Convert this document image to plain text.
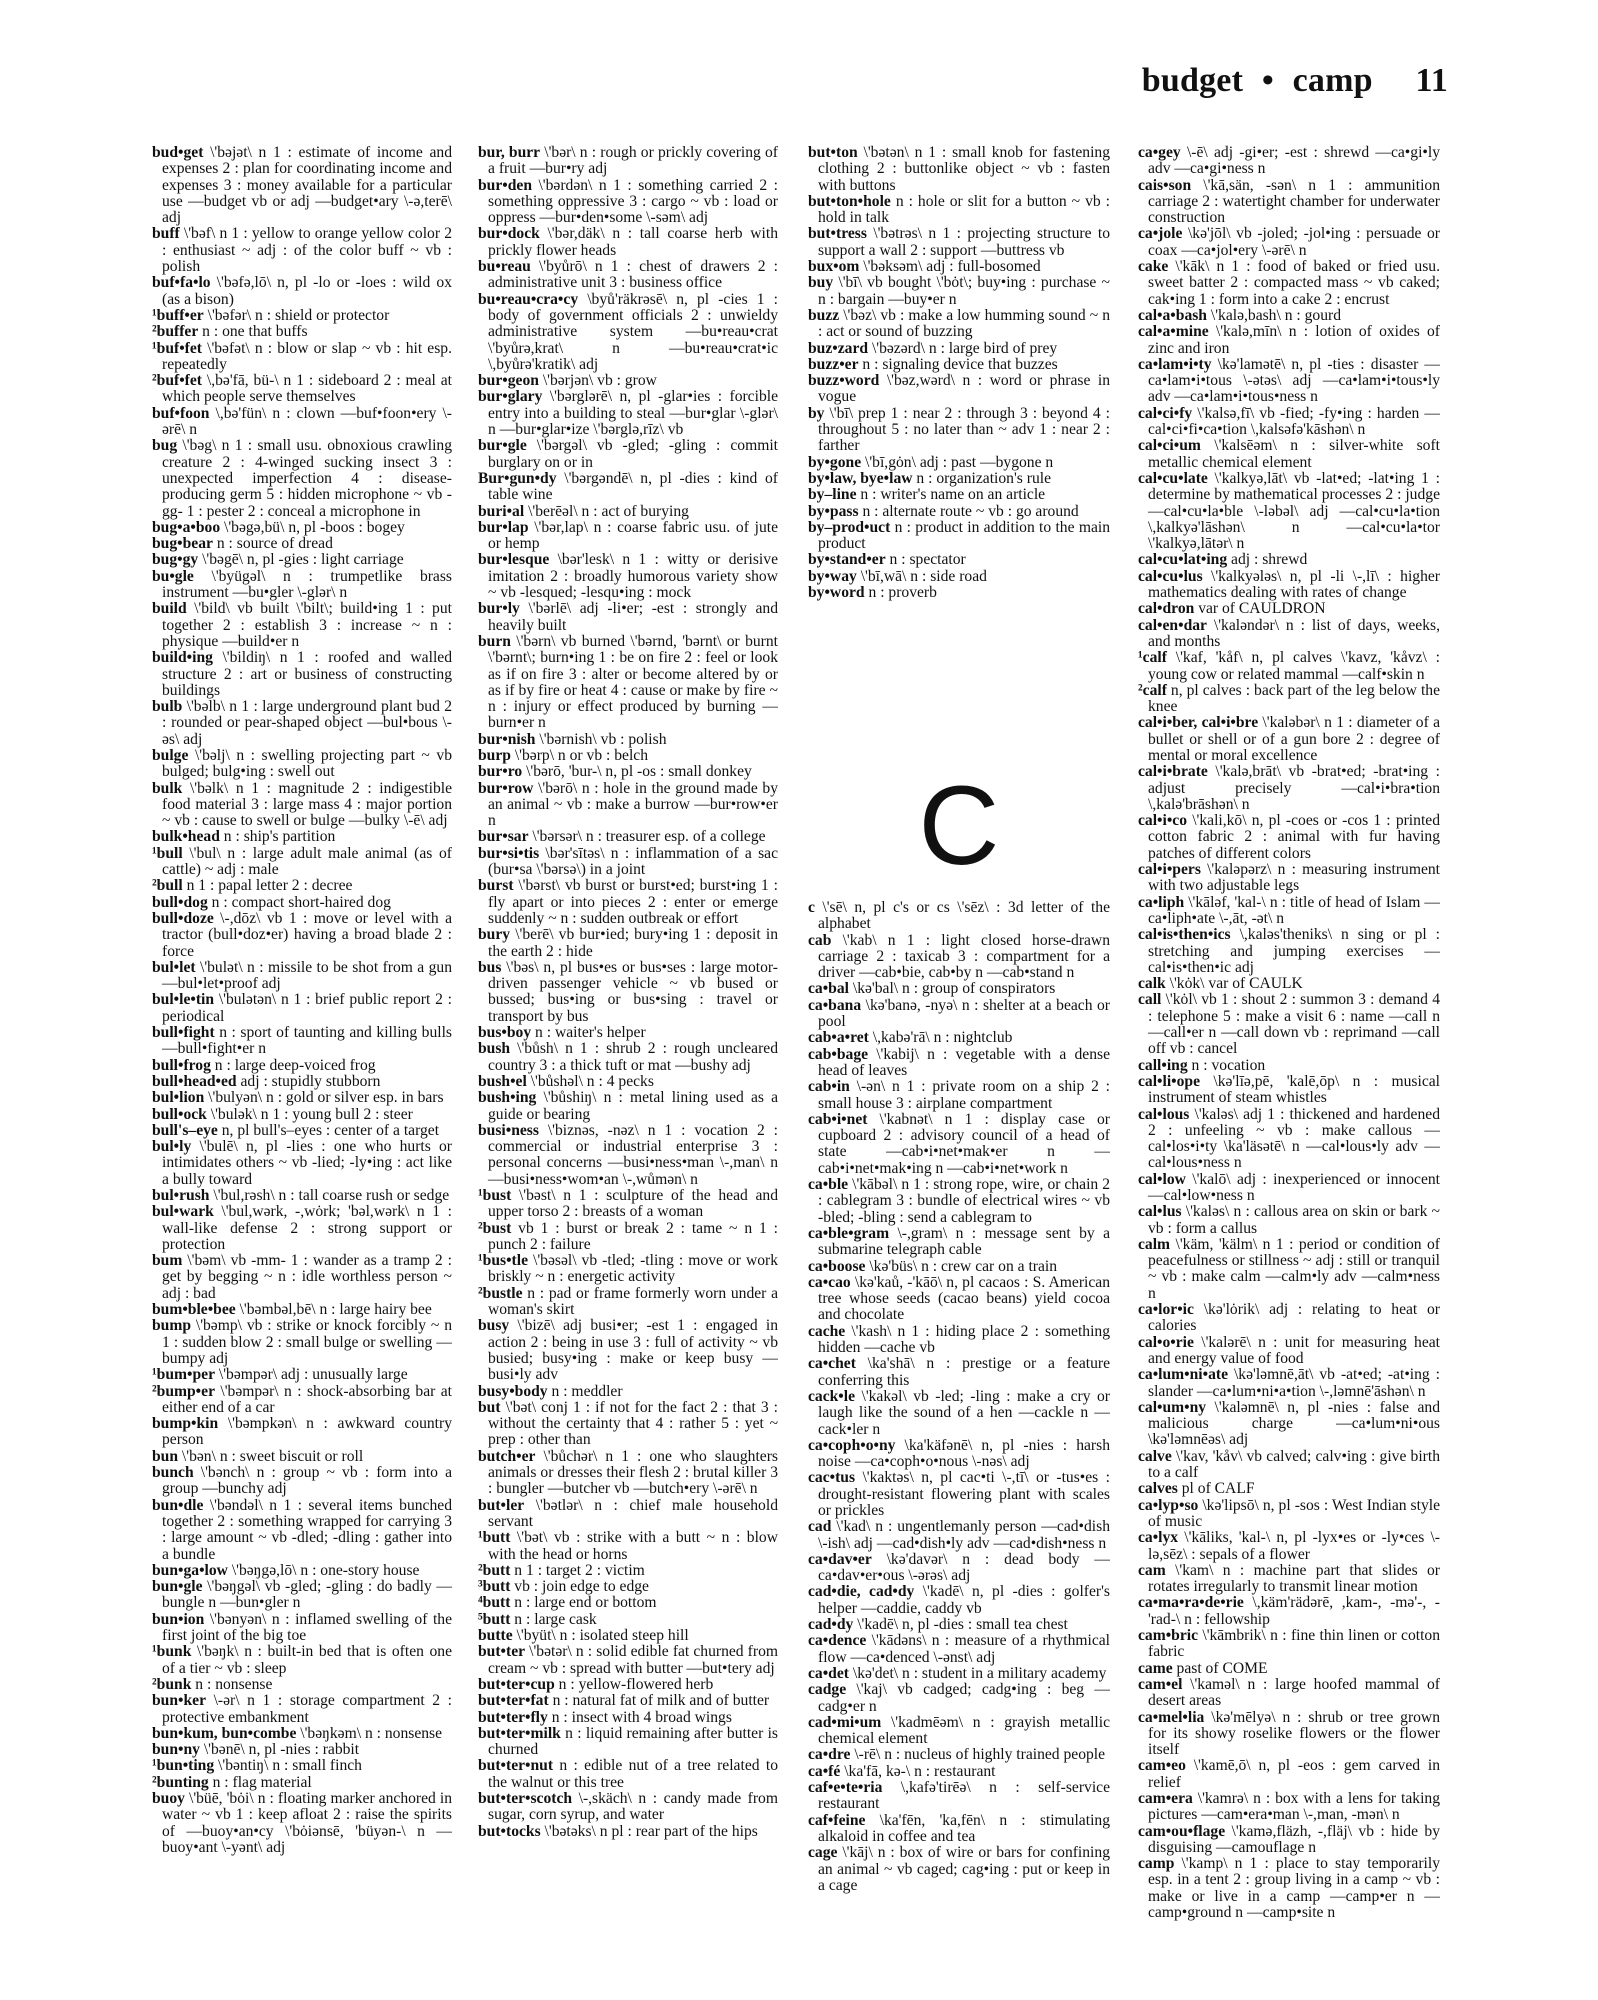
budget • camp 11

bud•get \'bəjət\ n 1 : estimate of income and expenses 2 : plan for coordinating income and expenses 3 : money available for a particular use —budget vb or adj —budget•ary \-ə,terē\ adj

buff \'bəf\ n 1 : yellow to orange yellow color 2 : enthusiast ~ adj : of the color buff ~ vb : polish

buf•fa•lo \'bəfə,lō\ n, pl -lo or -loes : wild ox (as a bison)

¹buff•er \'bəfər\ n : shield or protector

²buffer n : one that buffs

¹buf•fet \'bəfət\ n : blow or slap ~ vb : hit esp. repeatedly

²buf•fet \,bə'fā, bü-\ n 1 : sideboard 2 : meal at which people serve themselves

buf•foon \,bə'fün\ n : clown —buf•foon•ery \-ərē\ n

bug \'bəg\ n 1 : small usu. obnoxious crawling creature 2 : 4-winged sucking insect 3 : unexpected imperfection 4 : disease-producing germ 5 : hidden microphone ~ vb -gg- 1 : pester 2 : conceal a microphone in

bug•a•boo \'bəgə,bü\ n, pl -boos : bogey

bug•bear n : source of dread

bug•gy \'bəgē\ n, pl -gies : light carriage

bu•gle \'byügəl\ n : trumpetlike brass instrument —bu•gler \-glər\ n

build \'bild\ vb built \'bilt\; build•ing 1 : put together 2 : establish 3 : increase ~ n : physique —build•er n

build•ing \'bildiŋ\ n 1 : roofed and walled structure 2 : art or business of constructing buildings

bulb \'bəlb\ n 1 : large underground plant bud 2 : rounded or pear-shaped object —bul•bous \-əs\ adj

bulge \'bəlj\ n : swelling projecting part ~ vb bulged; bulg•ing : swell out

bulk \'bəlk\ n 1 : magnitude 2 : indigestible food material 3 : large mass 4 : major portion ~ vb : cause to swell or bulge —bulky \-ē\ adj

bulk•head n : ship's partition

¹bull \'bul\ n : large adult male animal (as of cattle) ~ adj : male

²bull n 1 : papal letter 2 : decree

bull•dog n : compact short-haired dog

bull•doze \-,dōz\ vb 1 : move or level with a tractor (bull•doz•er) having a broad blade 2 : force

bul•let \'bulət\ n : missile to be shot from a gun —bul•let•proof adj

bul•le•tin \'bulətən\ n 1 : brief public report 2 : periodical

bull•fight n : sport of taunting and killing bulls —bull•fight•er n

bull•frog n : large deep-voiced frog

bull•head•ed adj : stupidly stubborn

bul•lion \'bulyən\ n : gold or silver esp. in bars

bull•ock \'bulək\ n 1 : young bull 2 : steer

bull's–eye n, pl bull's–eyes : center of a target

bul•ly \'bulē\ n, pl -lies : one who hurts or intimidates others ~ vb -lied; -ly•ing : act like a bully toward

bul•rush \'bul,rəsh\ n : tall coarse rush or sedge

bul•wark \'bul,wərk, -,wȯrk; 'bəl,wərk\ n 1 : wall-like defense 2 : strong support or protection

bum \'bəm\ vb -mm- 1 : wander as a tramp 2 : get by begging ~ n : idle worthless person ~ adj : bad

bum•ble•bee \'bəmbəl,bē\ n : large hairy bee

bump \'bəmp\ vb : strike or knock forcibly ~ n 1 : sudden blow 2 : small bulge or swelling —bumpy adj

¹bum•per \'bəmpər\ adj : unusually large

²bump•er \'bəmpər\ n : shock-absorbing bar at either end of a car

bump•kin \'bəmpkən\ n : awkward country person

bun \'bən\ n : sweet biscuit or roll

bunch \'bənch\ n : group ~ vb : form into a group —bunchy adj

bun•dle \'bəndəl\ n 1 : several items bunched together 2 : something wrapped for carrying 3 : large amount ~ vb -dled; -dling : gather into a bundle

bun•ga•low \'bəŋgə,lō\ n : one-story house

bun•gle \'bəŋgəl\ vb -gled; -gling : do badly —bungle n —bun•gler n

bun•ion \'bənyən\ n : inflamed swelling of the first joint of the big toe

¹bunk \'bəŋk\ n : built-in bed that is often one of a tier ~ vb : sleep

²bunk n : nonsense

bun•ker \-ər\ n 1 : storage compartment 2 : protective embankment

bun•kum, bun•combe \'bəŋkəm\ n : nonsense

bun•ny \'bənē\ n, pl -nies : rabbit

¹bun•ting \'bəntiŋ\ n : small finch

²bunting n : flag material

buoy \'büē, 'bȯi\ n : floating marker anchored in water ~ vb 1 : keep afloat 2 : raise the spirits of —buoy•an•cy \'bȯiənsē, 'büyən-\ n —buoy•ant \-yənt\ adj

bur, burr \'bər\ n : rough or prickly covering of a fruit —bur•ry adj

bur•den \'bərdən\ n 1 : something carried 2 : something oppressive 3 : cargo ~ vb : load or oppress —bur•den•some \-səm\ adj

bur•dock \'bər,däk\ n : tall coarse herb with prickly flower heads

bu•reau \'byůrō\ n 1 : chest of drawers 2 : administrative unit 3 : business office

bu•reau•cra•cy \byů'räkrəsē\ n, pl -cies 1 : body of government officials 2 : unwieldy administrative system —bu•reau•crat \'byůrə,krat\ n —bu•reau•crat•ic \,byůrə'kratik\ adj

bur•geon \'bərjən\ vb : grow

bur•glary \'bərglərē\ n, pl -glar•ies : forcible entry into a building to steal —bur•glar \-glər\ n —bur•glar•ize \'bərglə,rīz\ vb

bur•gle \'bərgəl\ vb -gled; -gling : commit burglary on or in

Bur•gun•dy \'bərgəndē\ n, pl -dies : kind of table wine

buri•al \'berēəl\ n : act of burying

bur•lap \'bər,lap\ n : coarse fabric usu. of jute or hemp

bur•lesque \bər'lesk\ n 1 : witty or derisive imitation 2 : broadly humorous variety show ~ vb -lesqued; -lesqu•ing : mock

bur•ly \'bərlē\ adj -li•er; -est : strongly and heavily built

burn \'bərn\ vb burned \'bərnd, 'bərnt\ or burnt \'bərnt\; burn•ing 1 : be on fire 2 : feel or look as if on fire 3 : alter or become altered by or as if by fire or heat 4 : cause or make by fire ~ n : injury or effect produced by burning —burn•er n

bur•nish \'bərnish\ vb : polish

burp \'bərp\ n or vb : belch

bur•ro \'bərō, 'bur-\ n, pl -os : small donkey

bur•row \'bərō\ n : hole in the ground made by an animal ~ vb : make a burrow —bur•row•er n

bur•sar \'bərsər\ n : treasurer esp. of a college

bur•si•tis \bər'sītəs\ n : inflammation of a sac (bur•sa \'bərsə\) in a joint

burst \'bərst\ vb burst or burst•ed; burst•ing 1 : fly apart or into pieces 2 : enter or emerge suddenly ~ n : sudden outbreak or effort

bury \'berē\ vb bur•ied; bury•ing 1 : deposit in the earth 2 : hide

bus \'bəs\ n, pl bus•es or bus•ses : large motor-driven passenger vehicle ~ vb bused or bussed; bus•ing or bus•sing : travel or transport by bus

bus•boy n : waiter's helper

bush \'bůsh\ n 1 : shrub 2 : rough uncleared country 3 : a thick tuft or mat —bushy adj

bush•el \'bůshəl\ n : 4 pecks

bush•ing \'bůshiŋ\ n : metal lining used as a guide or bearing

busi•ness \'biznəs, -nəz\ n 1 : vocation 2 : commercial or industrial enterprise 3 : personal concerns —busi•ness•man \-,man\ n —busi•ness•wom•an \-,wůmən\ n

¹bust \'bəst\ n 1 : sculpture of the head and upper torso 2 : breasts of a woman

²bust vb 1 : burst or break 2 : tame ~ n 1 : punch 2 : failure

¹bus•tle \'bəsəl\ vb -tled; -tling : move or work briskly ~ n : energetic activity

²bustle n : pad or frame formerly worn under a woman's skirt

busy \'bizē\ adj busi•er; -est 1 : engaged in action 2 : being in use 3 : full of activity ~ vb busied; busy•ing : make or keep busy —busi•ly adv

busy•body n : meddler

but \'bət\ conj 1 : if not for the fact 2 : that 3 : without the certainty that 4 : rather 5 : yet ~ prep : other than

butch•er \'bůchər\ n 1 : one who slaughters animals or dresses their flesh 2 : brutal killer 3 : bungler —butcher vb —butch•ery \-ərē\ n

but•ler \'bətlər\ n : chief male household servant

¹butt \'bət\ vb : strike with a butt ~ n : blow with the head or horns

²butt n 1 : target 2 : victim

³butt vb : join edge to edge

⁴butt n : large end or bottom

⁵butt n : large cask

butte \'byüt\ n : isolated steep hill

but•ter \'bətər\ n : solid edible fat churned from cream ~ vb : spread with butter —but•tery adj

but•ter•cup n : yellow-flowered herb

but•ter•fat n : natural fat of milk and of butter

but•ter•fly n : insect with 4 broad wings

but•ter•milk n : liquid remaining after butter is churned

but•ter•nut n : edible nut of a tree related to the walnut or this tree

but•ter•scotch \-,skäch\ n : candy made from sugar, corn syrup, and water

but•tocks \'bətəks\ n pl : rear part of the hips

but•ton \'bətən\ n 1 : small knob for fastening clothing 2 : buttonlike object ~ vb : fasten with buttons

but•ton•hole n : hole or slit for a button ~ vb : hold in talk

but•tress \'bətrəs\ n 1 : projecting structure to support a wall 2 : support —buttress vb

bux•om \'bəksəm\ adj : full-bosomed

buy \'bī\ vb bought \'bȯt\; buy•ing : purchase ~ n : bargain —buy•er n

buzz \'bəz\ vb : make a low humming sound ~ n : act or sound of buzzing

buz•zard \'bəzərd\ n : large bird of prey

buzz•er n : signaling device that buzzes

buzz•word \'bəz,wərd\ n : word or phrase in vogue

by \'bī\ prep 1 : near 2 : through 3 : beyond 4 : throughout 5 : no later than ~ adv 1 : near 2 : farther

by•gone \'bī,gȯn\ adj : past —bygone n

by•law, bye•law n : organization's rule

by–line n : writer's name on an article

by•pass n : alternate route ~ vb : go around

by–prod•uct n : product in addition to the main product

by•stand•er n : spectator

by•way \'bī,wā\ n : side road

by•word n : proverb

c \'sē\ n, pl c's or cs \'sēz\ : 3d letter of the alphabet

cab \'kab\ n 1 : light closed horse-drawn carriage 2 : taxicab 3 : compartment for a driver —cab•bie, cab•by n —cab•stand n

ca•bal \kə'bal\ n : group of conspirators

ca•bana \kə'banə, -nyə\ n : shelter at a beach or pool

cab•a•ret \,kabə'rā\ n : nightclub

cab•bage \'kabij\ n : vegetable with a dense head of leaves

cab•in \-ən\ n 1 : private room on a ship 2 : small house 3 : airplane compartment

cab•i•net \'kabnət\ n 1 : display case or cupboard 2 : advisory council of a head of state —cab•i•net•mak•er n —cab•i•net•mak•ing n —cab•i•net•work n

ca•ble \'kābəl\ n 1 : strong rope, wire, or chain 2 : cablegram 3 : bundle of electrical wires ~ vb -bled; -bling : send a cablegram to

ca•ble•gram \-,gram\ n : message sent by a submarine telegraph cable

ca•boose \kə'büs\ n : crew car on a train

ca•cao \kə'kaů, -'kāō\ n, pl cacaos : S. American tree whose seeds (cacao beans) yield cocoa and chocolate

cache \'kash\ n 1 : hiding place 2 : something hidden —cache vb

ca•chet \ka'shā\ n : prestige or a feature conferring this

cack•le \'kakəl\ vb -led; -ling : make a cry or laugh like the sound of a hen —cackle n —cack•ler n

ca•coph•o•ny \ka'käfənē\ n, pl -nies : harsh noise —ca•coph•o•nous \-nəs\ adj

cac•tus \'kaktəs\ n, pl cac•ti \-,tī\ or -tus•es : drought-resistant flowering plant with scales or prickles

cad \'kad\ n : ungentlemanly person —cad•dish \-ish\ adj —cad•dish•ly adv —cad•dish•ness n

ca•dav•er \kə'davər\ n : dead body —ca•dav•er•ous \-ərəs\ adj

cad•die, cad•dy \'kadē\ n, pl -dies : golfer's helper —caddie, caddy vb

cad•dy \'kadē\ n, pl -dies : small tea chest

ca•dence \'kādəns\ n : measure of a rhythmical flow —ca•denced \-ənst\ adj

ca•det \kə'det\ n : student in a military academy

cadge \'kaj\ vb cadged; cadg•ing : beg —cadg•er n

cad•mi•um \'kadmēəm\ n : grayish metallic chemical element

ca•dre \-rē\ n : nucleus of highly trained people

ca•fé \ka'fā, kə-\ n : restaurant

caf•e•te•ria \,kafə'tirēə\ n : self-service restaurant

caf•feine \ka'fēn, 'ka,fēn\ n : stimulating alkaloid in coffee and tea

cage \'kāj\ n : box of wire or bars for confining an animal ~ vb caged; cag•ing : put or keep in a cage

C

ca•gey \-ē\ adj -gi•er; -est : shrewd —ca•gi•ly adv —ca•gi•ness n

cais•son \'kā,sän, -sən\ n 1 : ammunition carriage 2 : watertight chamber for underwater construction

ca•jole \kə'jōl\ vb -joled; -jol•ing : persuade or coax —ca•jol•ery \-ərē\ n

cake \'kāk\ n 1 : food of baked or fried usu. sweet batter 2 : compacted mass ~ vb caked; cak•ing 1 : form into a cake 2 : encrust

cal•a•bash \'kalə,bash\ n : gourd

cal•a•mine \'kalə,mīn\ n : lotion of oxides of zinc and iron

ca•lam•i•ty \kə'lamətē\ n, pl -ties : disaster —ca•lam•i•tous \-ətəs\ adj —ca•lam•i•tous•ly adv —ca•lam•i•tous•ness n

cal•ci•fy \'kalsə,fī\ vb -fied; -fy•ing : harden —cal•ci•fi•ca•tion \,kalsəfə'kāshən\ n

cal•ci•um \'kalsēəm\ n : silver-white soft metallic chemical element

cal•cu•late \'kalkyə,lāt\ vb -lat•ed; -lat•ing 1 : determine by mathematical processes 2 : judge —cal•cu•la•ble \-ləbəl\ adj —cal•cu•la•tion \,kalkyə'lāshən\ n —cal•cu•la•tor \'kalkyə,lātər\ n

cal•cu•lat•ing adj : shrewd

cal•cu•lus \'kalkyələs\ n, pl -li \-,lī\ : higher mathematics dealing with rates of change

cal•dron var of CAULDRON

cal•en•dar \'kaləndər\ n : list of days, weeks, and months

¹calf \'kaf, 'kåf\ n, pl calves \'kavz, 'kåvz\ : young cow or related mammal —calf•skin n

²calf n, pl calves : back part of the leg below the knee

cal•i•ber, cal•i•bre \'kaləbər\ n 1 : diameter of a bullet or shell or of a gun bore 2 : degree of mental or moral excellence

cal•i•brate \'kalə,brāt\ vb -brat•ed; -brat•ing : adjust precisely —cal•i•bra•tion \,kalə'brāshən\ n

cal•i•co \'kali,kō\ n, pl -coes or -cos 1 : printed cotton fabric 2 : animal with fur having patches of different colors

cal•i•pers \'kaləpərz\ n : measuring instrument with two adjustable legs

ca•liph \'kāləf, 'kal-\ n : title of head of Islam —ca•liph•ate \-,āt, -ət\ n

cal•is•then•ics \,kaləs'theniks\ n sing or pl : stretching and jumping exercises —cal•is•then•ic adj

calk \'kȯk\ var of CAULK

call \'kȯl\ vb 1 : shout 2 : summon 3 : demand 4 : telephone 5 : make a visit 6 : name —call n —call•er n —call down vb : reprimand —call off vb : cancel

call•ing n : vocation

cal•li•ope \kə'līə,pē, 'kalē,ōp\ n : musical instrument of steam whistles

cal•lous \'kaləs\ adj 1 : thickened and hardened 2 : unfeeling ~ vb : make callous —cal•los•i•ty \ka'läsətē\ n —cal•lous•ly adv —cal•lous•ness n

cal•low \'kalō\ adj : inexperienced or innocent —cal•low•ness n

cal•lus \'kaləs\ n : callous area on skin or bark ~ vb : form a callus

calm \'käm, 'kälm\ n 1 : period or condition of peacefulness or stillness ~ adj : still or tranquil ~ vb : make calm —calm•ly adv —calm•ness n

ca•lor•ic \kə'lȯrik\ adj : relating to heat or calories

cal•o•rie \'kalərē\ n : unit for measuring heat and energy value of food

ca•lum•ni•ate \kə'ləmnē,āt\ vb -at•ed; -at•ing : slander —ca•lum•ni•a•tion \-,ləmnē'āshən\ n

cal•um•ny \'kaləmnē\ n, pl -nies : false and malicious charge —ca•lum•ni•ous \kə'ləmnēəs\ adj

calve \'kav, 'kåv\ vb calved; calv•ing : give birth to a calf

calves pl of CALF

ca•lyp•so \kə'lipsō\ n, pl -sos : West Indian style of music

ca•lyx \'kāliks, 'kal-\ n, pl -lyx•es or -ly•ces \-lə,sēz\ : sepals of a flower

cam \'kam\ n : machine part that slides or rotates irregularly to transmit linear motion

ca•ma•ra•de•rie \,käm'rädərē, ,kam-, -mə'-, -'rad-\ n : fellowship

cam•bric \'kāmbrik\ n : fine thin linen or cotton fabric

came past of COME

cam•el \'kaməl\ n : large hoofed mammal of desert areas

ca•mel•lia \kə'mēlyə\ n : shrub or tree grown for its showy roselike flowers or the flower itself

cam•eo \'kamē,ō\ n, pl -eos : gem carved in relief

cam•era \'kamrə\ n : box with a lens for taking pictures —cam•era•man \-,man, -mən\ n

cam•ou•flage \'kamə,fläzh, -,fläj\ vb : hide by disguising —camouflage n

camp \'kamp\ n 1 : place to stay temporarily esp. in a tent 2 : group living in a camp ~ vb : make or live in a camp —camp•er n —camp•ground n —camp•site n
